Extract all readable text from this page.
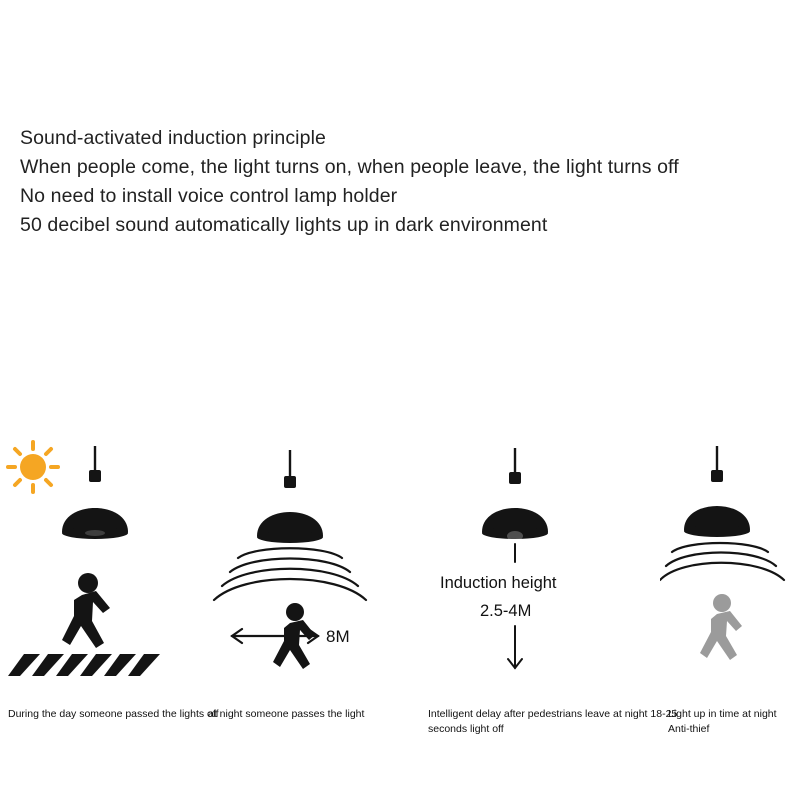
Sound-activated induction principle
When people come, the light turns on, when people leave, the light turns off
No need to install voice control lamp holder
50 decibel sound automatically lights up in dark environment
During the day someone passed the lights off
8M
at night someone passes the light
Induction height
2.5-4M
Intelligent delay after pedestrians leave at night 18-25 seconds light off
Light up in time at night
Anti-thief
